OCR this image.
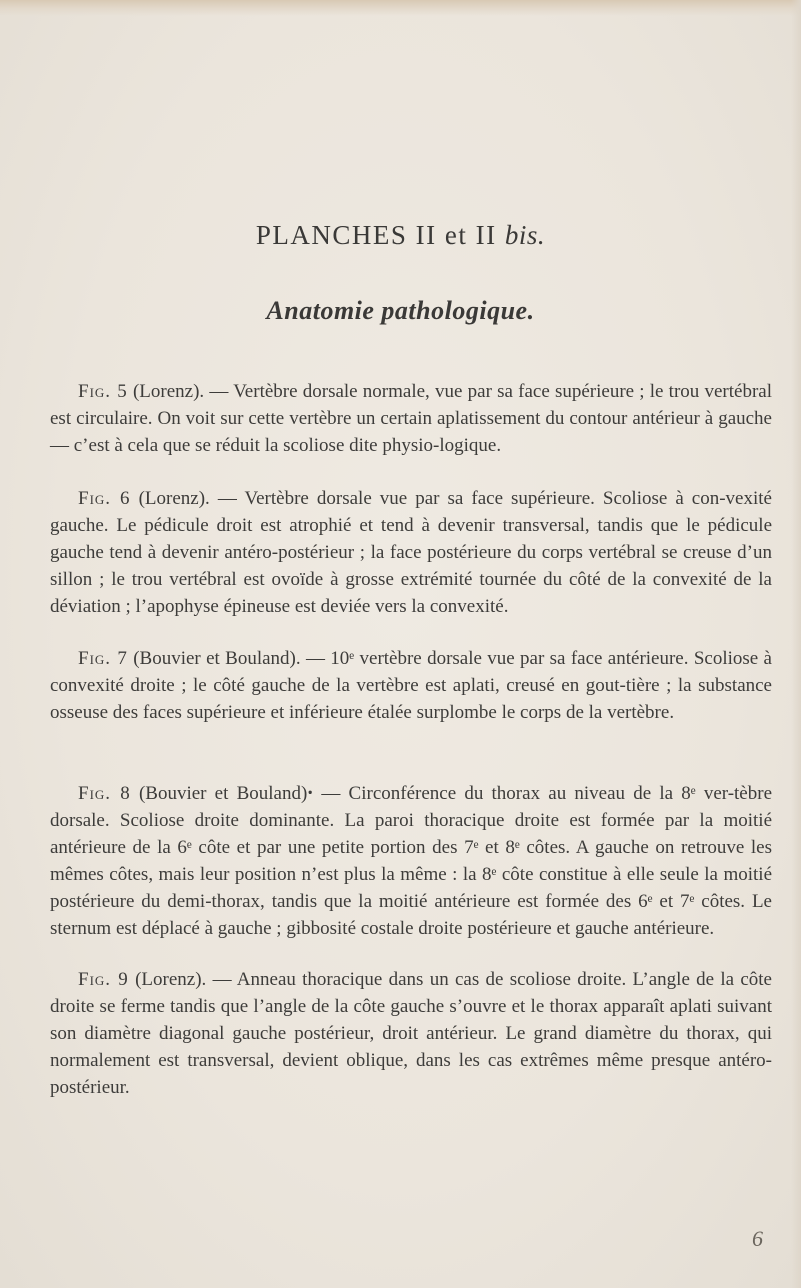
PLANCHES II et II bis.
Anatomie pathologique.

Fig. 5 (Lorenz). — Vertèbre dorsale normale, vue par sa face supérieure ; le trou vertébral est circulaire. On voit sur cette vertèbre un certain aplatissement du contour antérieur à gauche — c’est à cela que se réduit la scoliose dite physio-logique.

Fig. 6 (Lorenz). — Vertèbre dorsale vue par sa face supérieure. Scoliose à con-vexité gauche. Le pédicule droit est atrophié et tend à devenir transversal, tandis que le pédicule gauche tend à devenir antéro-postérieur ; la face postérieure du corps vertébral se creuse d’un sillon ; le trou vertébral est ovoïde à grosse extrémité tournée du côté de la convexité de la déviation ; l’apophyse épineuse est deviée vers la convexité.

Fig. 7 (Bouvier et Bouland). — 10ᵉ vertèbre dorsale vue par sa face antérieure. Scoliose à convexité droite ; le côté gauche de la vertèbre est aplati, creusé en gout-tière ; la substance osseuse des faces supérieure et inférieure étalée surplombe le corps de la vertèbre.

Fig. 8 (Bouvier et Bouland)ꞏ — Circonférence du thorax au niveau de la 8ᵉ ver-tèbre dorsale. Scoliose droite dominante. La paroi thoracique droite est formée par la moitié antérieure de la 6ᵉ côte et par une petite portion des 7ᵉ et 8ᵉ côtes. A gauche on retrouve les mêmes côtes, mais leur position n’est plus la même : la 8ᵉ côte constitue à elle seule la moitié postérieure du demi-thorax, tandis que la moitié antérieure est formée des 6ᵉ et 7ᵉ côtes. Le sternum est déplacé à gauche ; gibbosité costale droite postérieure et gauche antérieure.

Fig. 9 (Lorenz). — Anneau thoracique dans un cas de scoliose droite. L’angle de la côte droite se ferme tandis que l’angle de la côte gauche s’ouvre et le thorax apparaît aplati suivant son diamètre diagonal gauche postérieur, droit antérieur. Le grand diamètre du thorax, qui normalement est transversal, devient oblique, dans les cas extrêmes même presque antéro-postérieur.

6
